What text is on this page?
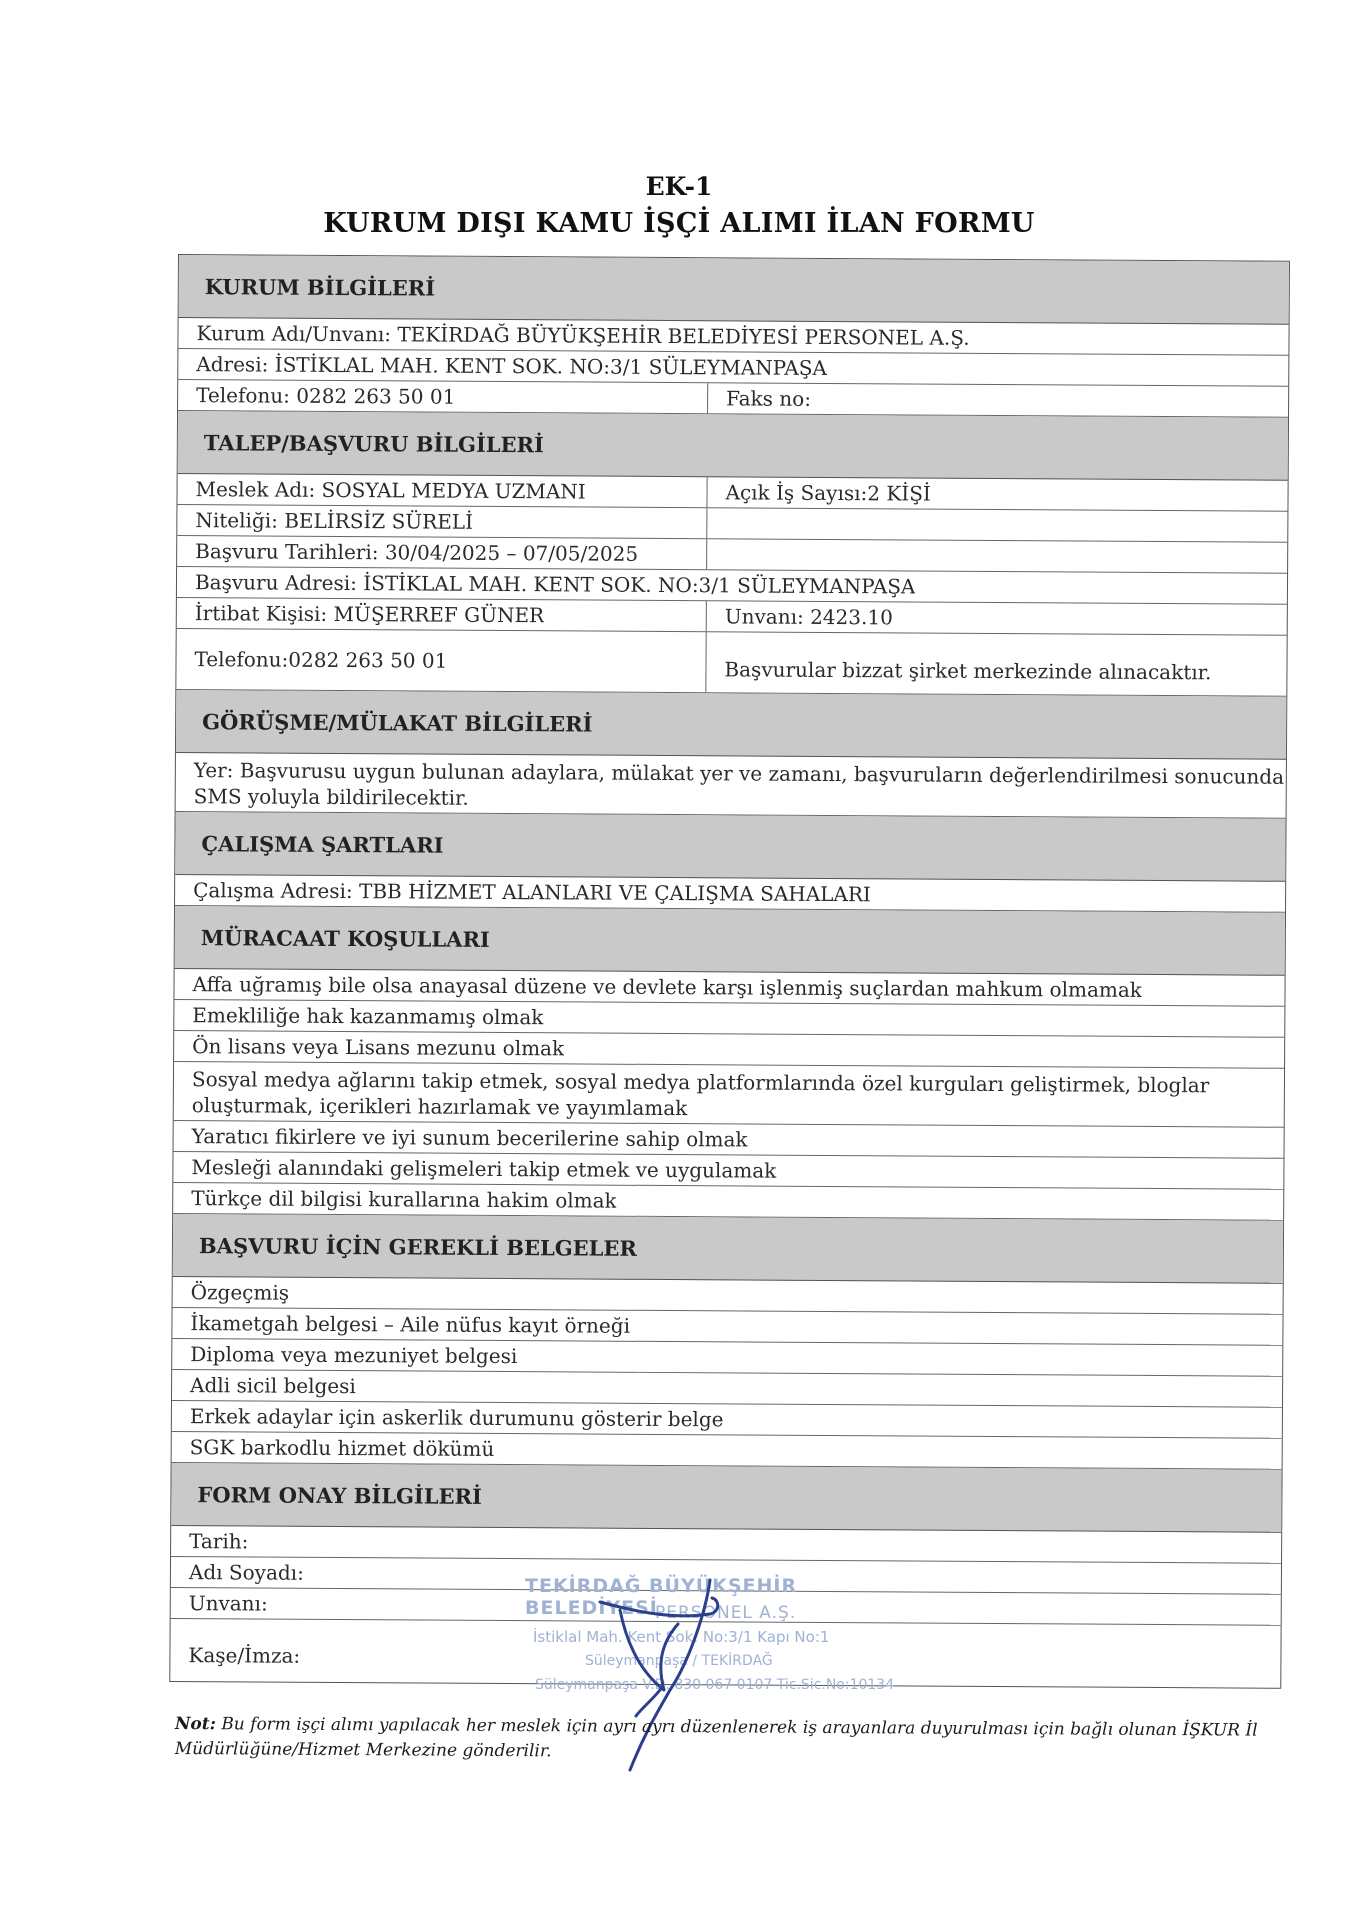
EK-1
KURUM DIŞI KAMU İŞÇİ ALIMI İLAN FORMU
KURUM BİLGİLERİ
Kurum Adı/Unvanı: TEKİRDAĞ BÜYÜKŞEHİR BELEDİYESİ PERSONEL A.Ş.
Adresi: İSTİKLAL MAH. KENT SOK. NO:3/1 SÜLEYMANPAŞA
Telefonu: 0282 263 50 01	Faks no:
TALEP/BAŞVURU BİLGİLERİ
Meslek Adı: SOSYAL MEDYA UZMANI	Açık İş Sayısı:2 KİŞİ
Niteliği: BELİRSİZ SÜRELİ
Başvuru Tarihleri: 30/04/2025 – 07/05/2025
Başvuru Adresi: İSTİKLAL MAH. KENT SOK. NO:3/1 SÜLEYMANPAŞA
İrtibat Kişisi: MÜŞERREF GÜNER	Unvanı: 2423.10
Telefonu:0282 263 50 01	Başvurular bizzat şirket merkezinde alınacaktır.
GÖRÜŞME/MÜLAKAT BİLGİLERİ
Yer: Başvurusu uygun bulunan adaylara, mülakat yer ve zamanı, başvuruların değerlendirilmesi sonucunda SMS yoluyla bildirilecektir.
ÇALIŞMA ŞARTLARI
Çalışma Adresi: TBB HİZMET ALANLARI VE ÇALIŞMA SAHALARI
MÜRACAAT KOŞULLARI
Affa uğramış bile olsa anayasal düzene ve devlete karşı işlenmiş suçlardan mahkum olmamak
Emekliliğe hak kazanmamış olmak
Ön lisans veya Lisans mezunu olmak
Sosyal medya ağlarını takip etmek, sosyal medya platformlarında özel kurguları geliştirmek, bloglar oluşturmak, içerikleri hazırlamak ve yayımlamak
Yaratıcı fikirlere ve iyi sunum becerilerine sahip olmak
Mesleği alanındaki gelişmeleri takip etmek ve uygulamak
Türkçe dil bilgisi kurallarına hakim olmak
BAŞVURU İÇİN GEREKLİ BELGELER
Özgeçmiş
İkametgah belgesi – Aile nüfus kayıt örneği
Diploma veya mezuniyet belgesi
Adli sicil belgesi
Erkek adaylar için askerlik durumunu gösterir belge
SGK barkodlu hizmet dökümü
FORM ONAY BİLGİLERİ
Tarih:
Adı Soyadı:
Unvanı:
Kaşe/İmza:
TEKİRDAĞ BÜYÜKŞEHİR BELEDİYESİ
PERSONEL A.Ş.
İstiklal Mah. Kent Sok. No:3/1 Kapı No:1
Süleymanpaşa / TEKİRDAĞ
Süleymanpaşa V.D. 830 067 0107 Tic.Sic.No:10134
Not: Bu form işçi alımı yapılacak her meslek için ayrı ayrı düzenlenerek iş arayanlara duyurulması için bağlı olunan İŞKUR İl Müdürlüğüne/Hizmet Merkezine gönderilir.
